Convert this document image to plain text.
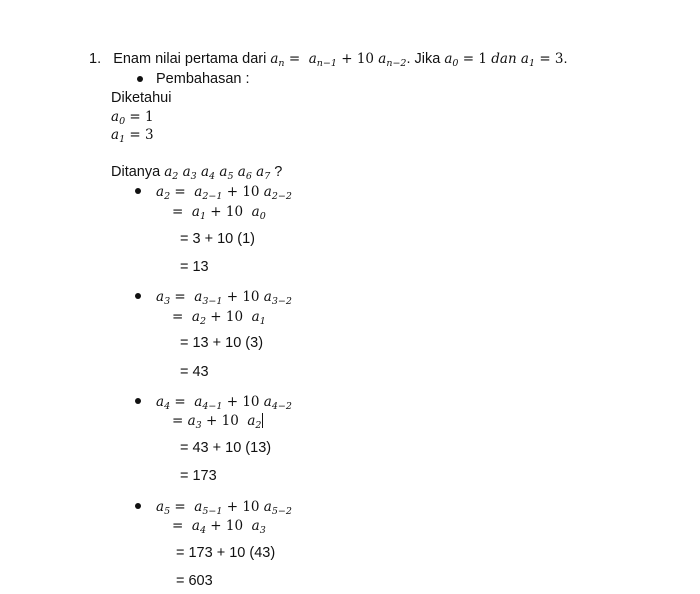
1. Enam nilai pertama dari $a_n = a_{n-1} + 10$ $a_{n-2}$. Jika $a_0 = 1$ dan $a_1 = 3$.
Pembahasan :
Diketahui
$a_0 = 1$
$a_1 = 3$
Ditanya $a_2$ $a_3$ $a_4$ $a_5$ $a_6$ $a_7$ ?
$a_2 = a_{2-1} + 10$ $a_{2-2}$
=  $a_1 + 10$  $a_0$
= 3 + 10 (1)
= 13
$a_3 = a_{3-1} + 10$ $a_{3-2}$
=  $a_2 + 10$  $a_1$
= 13 + 10 (3)
= 43
$a_4 = a_{4-1} + 10$ $a_{4-2}$
= $a_3 + 10$  $a_2$
= 43 + 10 (13)
= 173
$a_5 = a_{5-1} + 10$ $a_{5-2}$
=  $a_4 + 10$  $a_3$
= 173 + 10 (43)
= 603
